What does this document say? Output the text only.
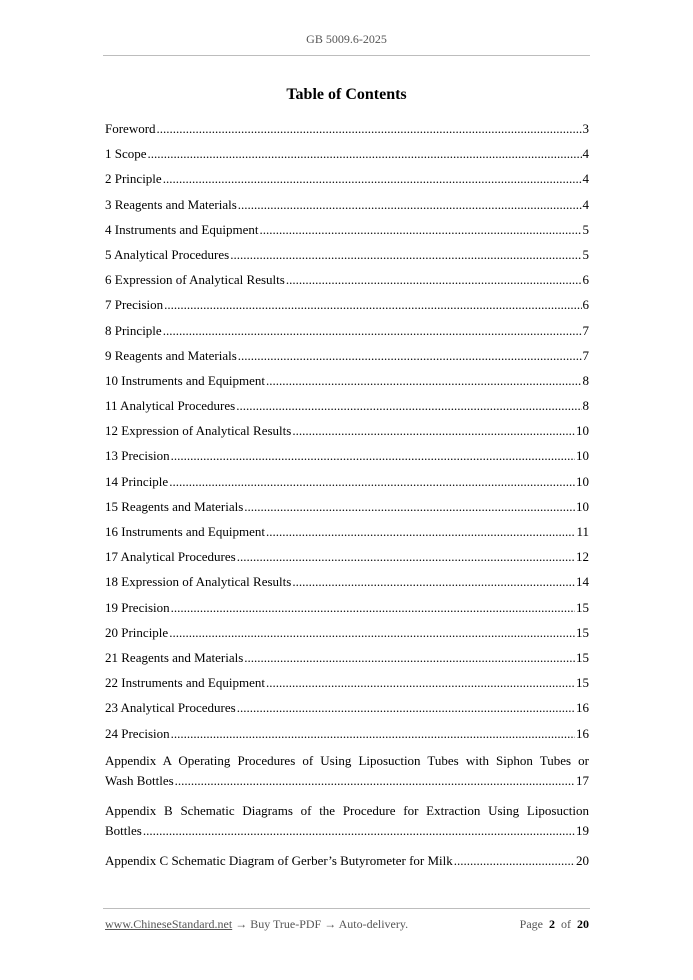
GB 5009.6-2025
Table of Contents
Foreword .....	3
1 Scope .....	4
2 Principle .....	4
3 Reagents and Materials .....	4
4 Instruments and Equipment .....	5
5 Analytical Procedures .....	5
6 Expression of Analytical Results .....	6
7 Precision .....	6
8 Principle .....	7
9 Reagents and Materials .....	7
10 Instruments and Equipment .....	8
11 Analytical Procedures .....	8
12 Expression of Analytical Results .....	10
13 Precision .....	10
14 Principle .....	10
15 Reagents and Materials .....	10
16 Instruments and Equipment .....	11
17 Analytical Procedures .....	12
18 Expression of Analytical Results .....	14
19 Precision .....	15
20 Principle .....	15
21 Reagents and Materials .....	15
22 Instruments and Equipment .....	15
23 Analytical Procedures .....	16
24 Precision .....	16
Appendix A Operating Procedures of Using Liposuction Tubes with Siphon Tubes or
Wash Bottles .....	17
Appendix B Schematic Diagrams of the Procedure for Extraction Using Liposuction
Bottles .....	19
Appendix C Schematic Diagram of Gerber’s Butyrometer for Milk .....	20
www.ChineseStandard.net → Buy True-PDF → Auto-delivery.	Page 2 of 20
